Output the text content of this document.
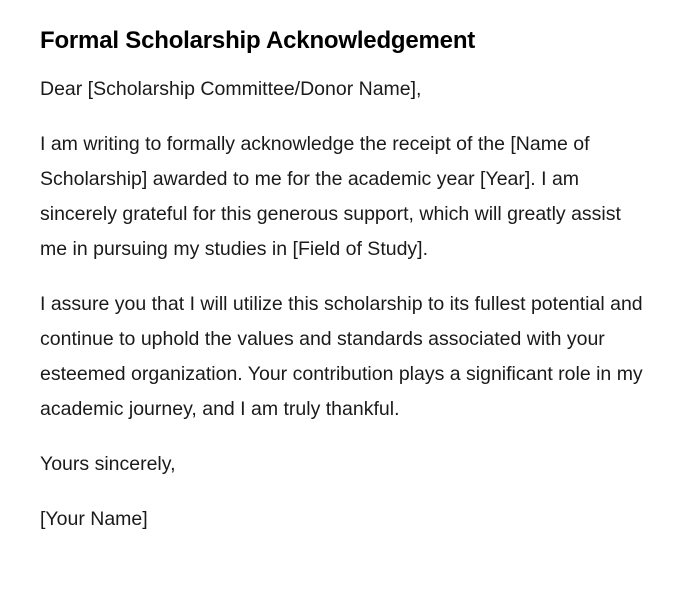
Formal Scholarship Acknowledgement

Dear [Scholarship Committee/Donor Name],

I am writing to formally acknowledge the receipt of the [Name of Scholarship] awarded to me for the academic year [Year]. I am sincerely grateful for this generous support, which will greatly assist me in pursuing my studies in [Field of Study].

I assure you that I will utilize this scholarship to its fullest potential and continue to uphold the values and standards associated with your esteemed organization. Your contribution plays a significant role in my academic journey, and I am truly thankful.

Yours sincerely,

[Your Name]
